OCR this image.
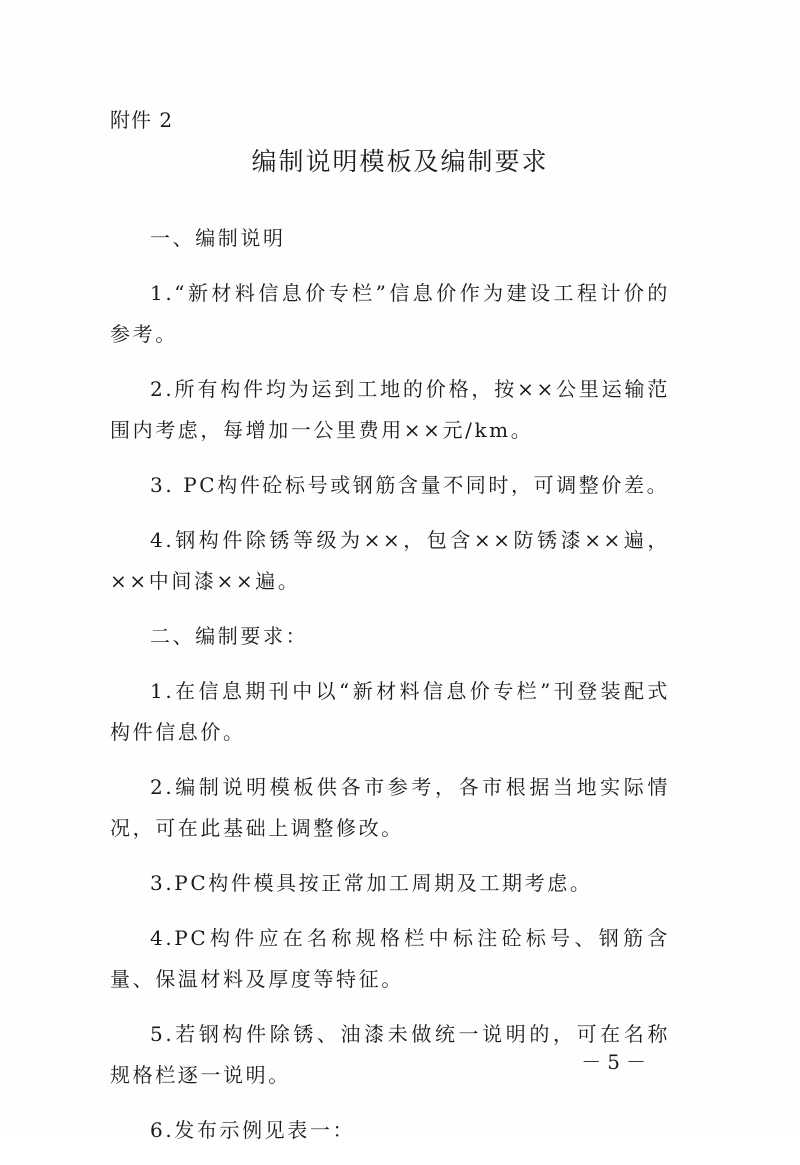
附件 2
编制说明模板及编制要求
一、编制说明
1.“新材料信息价专栏”信息价作为建设工程计价的参考。
2.所有构件均为运到工地的价格，按××公里运输范围内考虑，每增加一公里费用××元/km。
3. PC构件砼标号或钢筋含量不同时，可调整价差。
4.钢构件除锈等级为××，包含××防锈漆××遍，××中间漆××遍。
二、编制要求：
1.在信息期刊中以“新材料信息价专栏”刊登装配式构件信息价。
2.编制说明模板供各市参考，各市根据当地实际情况，可在此基础上调整修改。
3.PC构件模具按正常加工周期及工期考虑。
4.PC构件应在名称规格栏中标注砼标号、钢筋含量、保温材料及厚度等特征。
5.若钢构件除锈、油漆未做统一说明的，可在名称规格栏逐一说明。
6.发布示例见表一：
－5－
